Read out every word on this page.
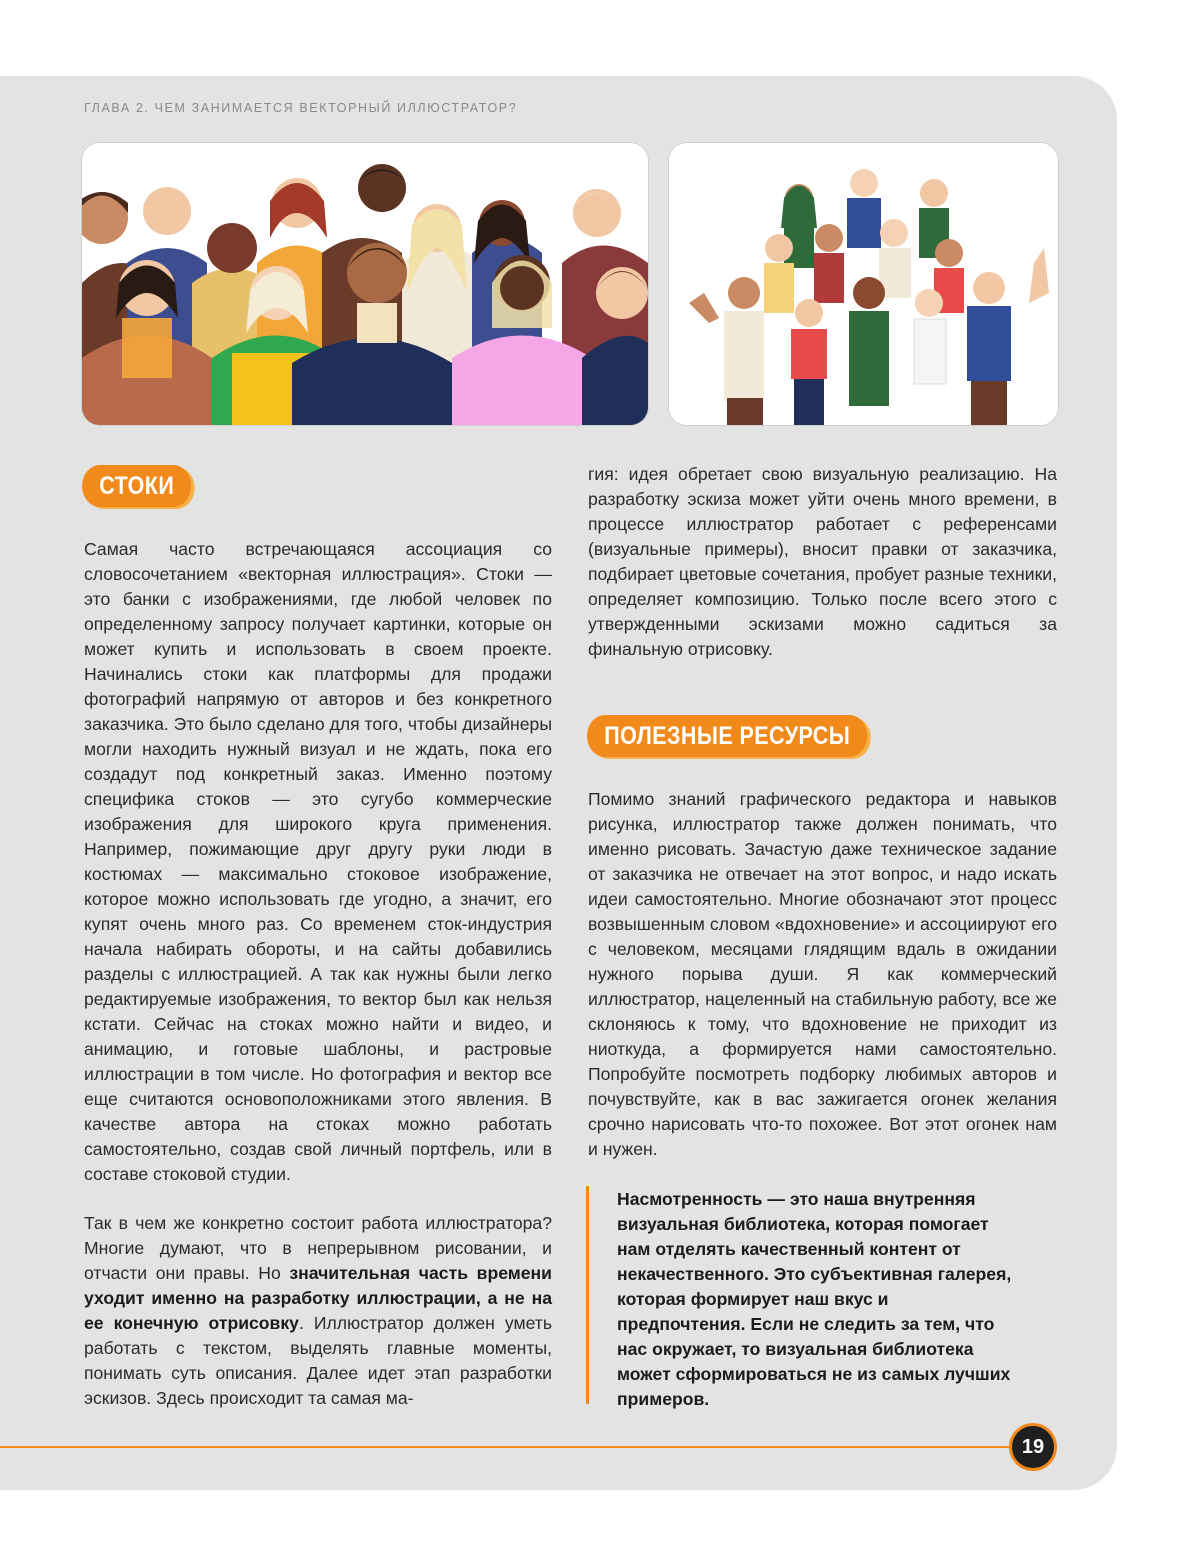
ГЛАВА 2. ЧЕМ ЗАНИМАЕТСЯ ВЕКТОРНЫЙ ИЛЛЮСТРАТОР?
СТОКИ
Самая часто встречающаяся ассоциация со словосочетанием «векторная иллюстрация». Стоки — это банки с изображениями, где любой человек по определенному запросу получает картинки, которые он может купить и использовать в своем проекте. Начинались стоки как платформы для продажи фотографий напрямую от авторов и без конкретного заказчика. Это было сделано для того, чтобы дизайнеры могли находить нужный визуал и не ждать, пока его создадут под конкретный заказ. Именно поэтому специфика стоков — это сугубо коммерческие изображения для широкого круга применения. Например, пожимающие друг другу руки люди в костюмах — максимально стоковое изображение, которое можно использовать где угодно, а значит, его купят очень много раз. Со временем сток-индустрия начала набирать обороты, и на сайты добавились разделы с иллюстрацией. А так как нужны были легко редактируемые изображения, то вектор был как нельзя кстати. Сейчас на стоках можно найти и видео, и анимацию, и готовые шаблоны, и растровые иллюстрации в том числе. Но фотография и вектор все еще считаются основоположниками этого явления. В качестве автора на стоках можно работать самостоятельно, создав свой личный портфель, или в составе стоковой студии.
Так в чем же конкретно состоит работа иллюстратора? Многие думают, что в непрерывном рисовании, и отчасти они правы. Но значительная часть времени уходит именно на разработку иллюстрации, а не на ее конечную отрисовку. Иллюстратор должен уметь работать с текстом, выделять главные моменты, понимать суть описания. Далее идет этап разработки эскизов. Здесь происходит та самая ма-
гия: идея обретает свою визуальную реализацию. На разработку эскиза может уйти очень много времени, в процессе иллюстратор работает с референсами (визуальные примеры), вносит правки от заказчика, подбирает цветовые сочетания, пробует разные техники, определяет композицию. Только после всего этого с утвержденными эскизами можно садиться за финальную отрисовку.
ПОЛЕЗНЫЕ РЕСУРСЫ
Помимо знаний графического редактора и навыков рисунка, иллюстратор также должен понимать, что именно рисовать. Зачастую даже техническое задание от заказчика не отвечает на этот вопрос, и надо искать идеи самостоятельно. Многие обозначают этот процесс возвышенным словом «вдохновение» и ассоциируют его с человеком, месяцами глядящим вдаль в ожидании нужного порыва души. Я как коммерческий иллюстратор, нацеленный на стабильную работу, все же склоняюсь к тому, что вдохновение не приходит из ниоткуда, а формируется нами самостоятельно. Попробуйте посмотреть подборку любимых авторов и почувствуйте, как в вас зажигается огонек желания срочно нарисовать что-то похожее. Вот этот огонек нам и нужен.
Насмотренность — это наша внутренняя визуальная библиотека, которая помогает нам отделять качественный контент от некачественного. Это субъективная галерея, которая формирует наш вкус и предпочтения. Если не следить за тем, что нас окружает, то визуальная библиотека может сформироваться не из самых лучших примеров.
19
